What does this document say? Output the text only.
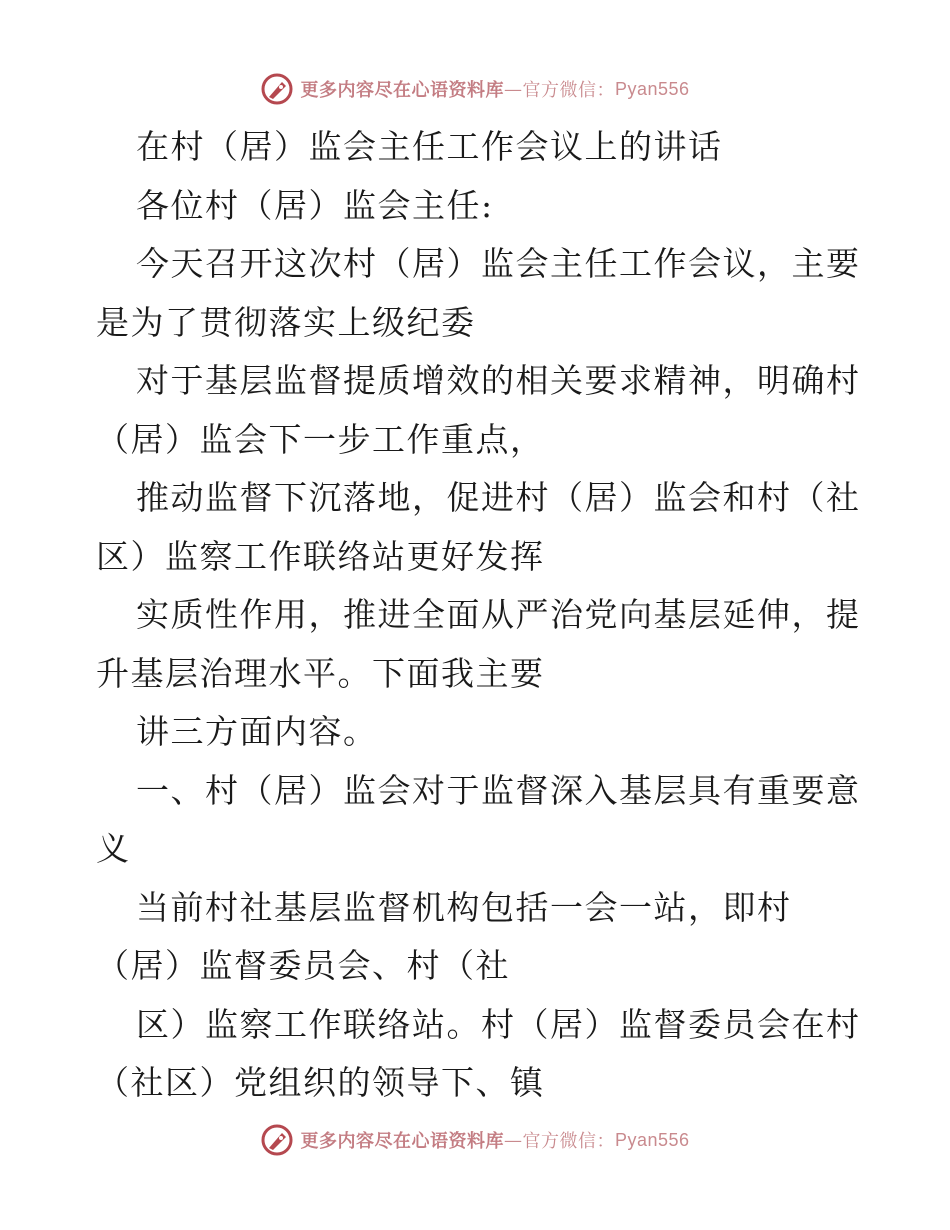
更多内容尽在心语资料库 — 官方微信： Pyan556
在村（居）监会主任工作会议上的讲话
各位村（居）监会主任:
今天召开这次村（居）监会主任工作会议，主要
是为了贯彻落实上级纪委
对于基层监督提质增效的相关要求精神，明确村
（居）监会下一步工作重点，
推动监督下沉落地，促进村（居）监会和村（社
区）监察工作联络站更好发挥
实质性作用，推进全面从严治党向基层延伸，提
升基层治理水平。下面我主要
讲三方面内容。
一、村（居）监会对于监督深入基层具有重要意
义
当前村社基层监督机构包括一会一站，即村
（居）监督委员会、村（社
区）监察工作联络站。村（居）监督委员会在村
（社区）党组织的领导下、镇
更多内容尽在心语资料库 — 官方微信： Pyan556
